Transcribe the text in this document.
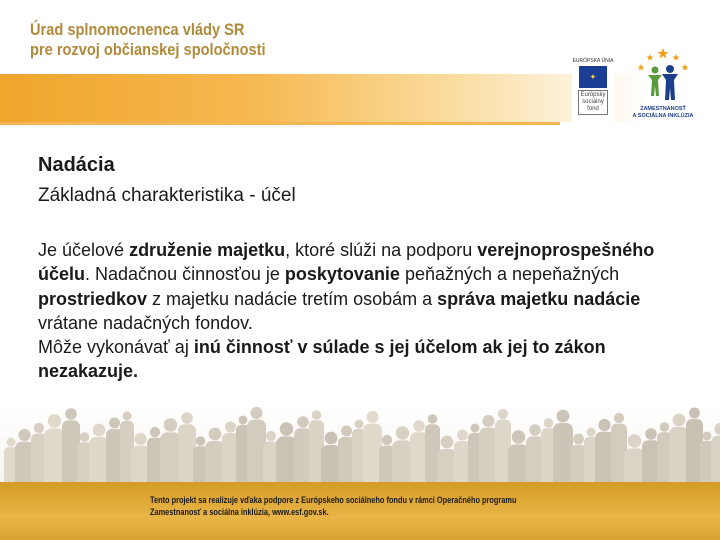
Úrad splnomocnenca vlády SR
pre rozvoj občianskej spoločnosti
EURÓPSKA ÚNIA
✦
Európsky
sociálny
fond	ZAMESTNANOSŤ
A SOCIÁLNA INKLÚZIA
Nadácia

Základná charakteristika - účel

Je účelové združenie majetku, ktoré slúži na podporu verejnoprospešného účelu. Nadačnou činnosťou je poskytovanie peňažných a nepeňažných prostriedkov z majetku nadácie tretím osobám a správa majetku nadácie vrátane nadačných fondov.
Môže vykonávať aj inú činnosť v súlade s jej účelom ak jej to zákon nezakazuje.
Tento projekt sa realizuje vďaka podpore z Európskeho sociálneho fondu v rámci Operačného programu
Zamestnanosť a sociálna inklúzia, www.esf.gov.sk.
